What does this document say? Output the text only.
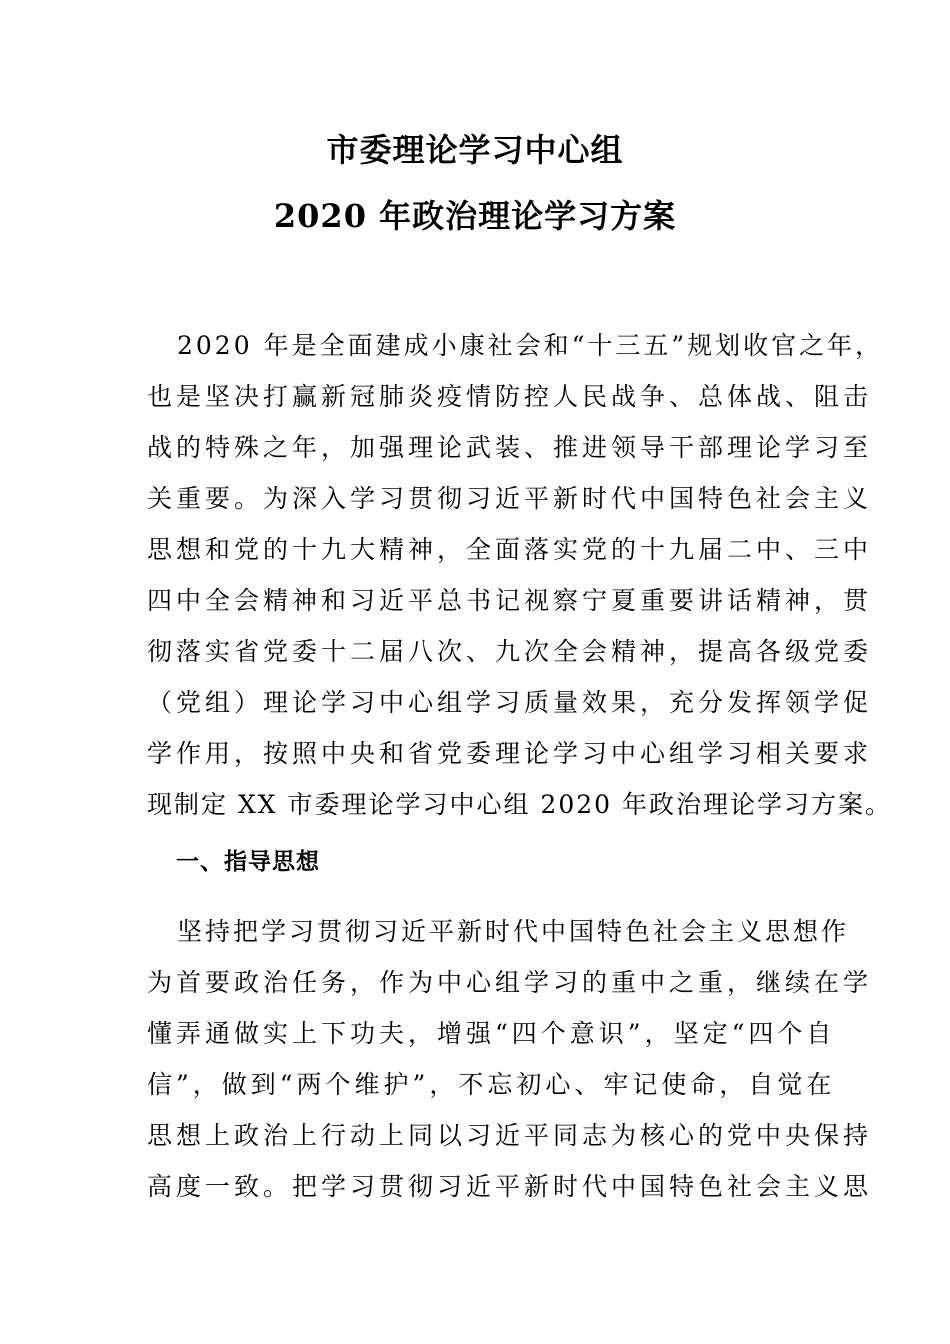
市委理论学习中心组
2020 年政治理论学习方案
2020 年是全面建成小康社会和“十三五”规划收官之年，
也是坚决打赢新冠肺炎疫情防控人民战争、总体战、阻击
战的特殊之年，加强理论武装、推进领导干部理论学习至
关重要。为深入学习贯彻习近平新时代中国特色社会主义
思想和党的十九大精神，全面落实党的十九届二中、三中
四中全会精神和习近平总书记视察宁夏重要讲话精神，贯
彻落实省党委十二届八次、九次全会精神，提高各级党委
（党组）理论学习中心组学习质量效果，充分发挥领学促
学作用，按照中央和省党委理论学习中心组学习相关要求
现制定 XX 市委理论学习中心组 2020 年政治理论学习方案。
一、指导思想
坚持把学习贯彻习近平新时代中国特色社会主义思想作
为首要政治任务，作为中心组学习的重中之重，继续在学
懂弄通做实上下功夫，增强“四个意识”，坚定“四个自
信”，做到“两个维护”，不忘初心、牢记使命，自觉在
思想上政治上行动上同以习近平同志为核心的党中央保持
高度一致。把学习贯彻习近平新时代中国特色社会主义思
